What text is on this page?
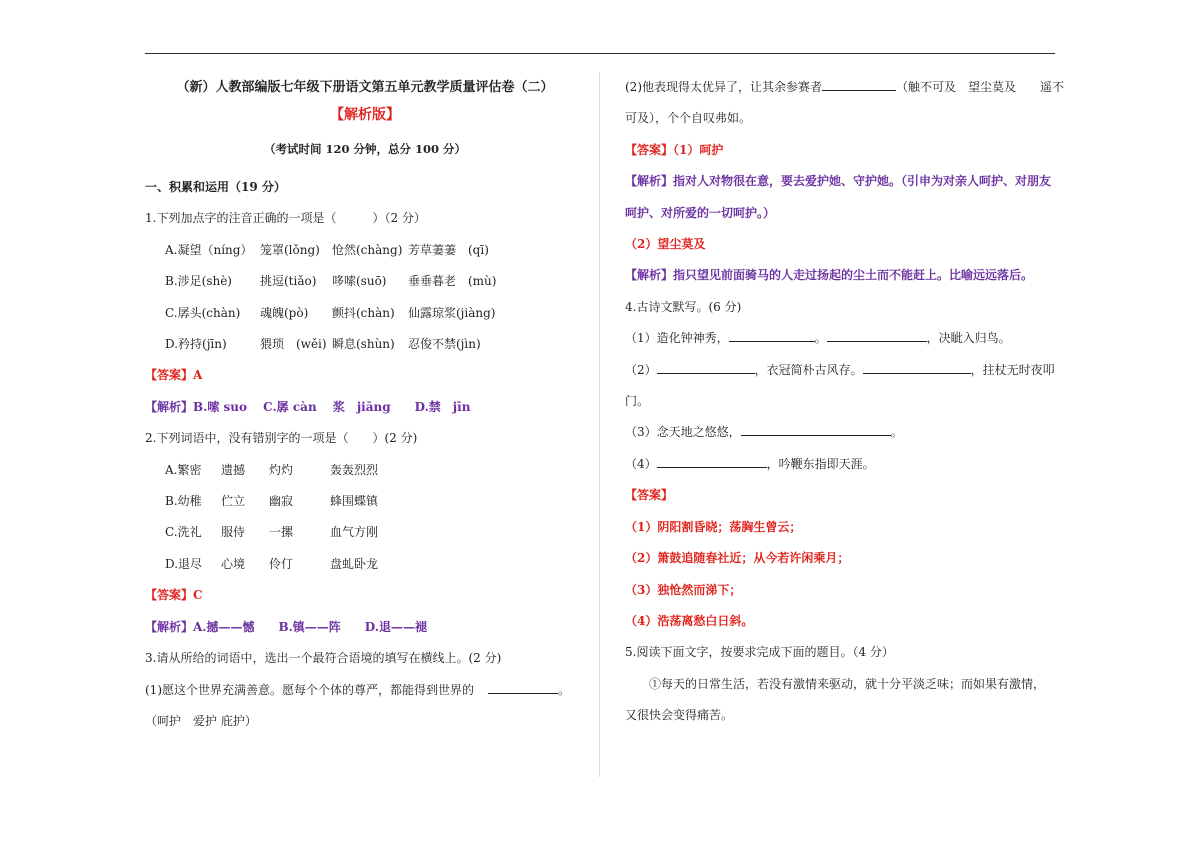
（新）人教部编版七年级下册语文第五单元教学质量评估卷（二）
【解析版】
（考试时间 120 分钟，总分 100 分）
一、积累和运用（19 分）
1.下列加点字的注音正确的一项是（　　　）（2 分）
A.凝望（níng） 笼罩(lǒng) 怆然(chàng) 芳草萋萋　(qī)
B.涉足(shè) 挑逗(tiǎo) 哆嗦(suō) 垂垂暮老　(mù)
C.孱头(chàn) 魂魄(pò) 颤抖(chàn) 仙露琼浆(jiàng)
D.矜持(jīn)	猥琐　(wěi) 瞬息(shùn) 忍俊不禁(jìn)
【答案】A
【解析】B.嗦 suo　 C.孱 càn　 浆　jiāng　　D.禁　jīn
2.下列词语中，没有错别字的一项是（　　）(2 分)
A.繁密 遗撼 灼灼	轰轰烈烈
B.幼稚 伫立 幽寂	蜂围蝶镇
C.洗礼 服侍 一摞	血气方刚
D.退尽 心境 伶仃	盘虬卧龙
【答案】C
【解析】A.撼——憾　　B.镇——阵　　D.退——褪
3.请从所给的词语中，选出一个最符合语境的填写在横线上。(2 分)
(1)愿这个世界充满善意。愿每个个体的尊严，都能得到世界的	。
（呵护　爱护 庇护）
(2)他表现得太优异了，让其余参赛者	（触不可及　望尘莫及　　遥不
可及），个个自叹弗如。
【答案】（1）呵护
【解析】指对人对物很在意，要去爱护她、守护她。（引申为对亲人呵护、对朋友呵护、对所爱的一切呵护。）
（2）望尘莫及
【解析】指只望见前面骑马的人走过扬起的尘土而不能赶上。比喻远远落后。
4.古诗文默写。(6 分)
（1）造化钟神秀，	。	，决眦入归鸟。
（2）	，衣冠简朴古风存。	，拄杖无时夜叩
门。
（3）念天地之悠悠，	。
（4）	，吟鞭东指即天涯。
【答案】
（1）阴阳割昏晓；荡胸生曾云；
（2）箫鼓追随春社近；从今若许闲乘月；
（3）独怆然而涕下；
（4）浩荡离愁白日斜。
5.阅读下面文字，按要求完成下面的题目。（4 分）
①每天的日常生活，若没有激情来驱动，就十分平淡乏味；而如果有激情，又很快会变得痛苦。
